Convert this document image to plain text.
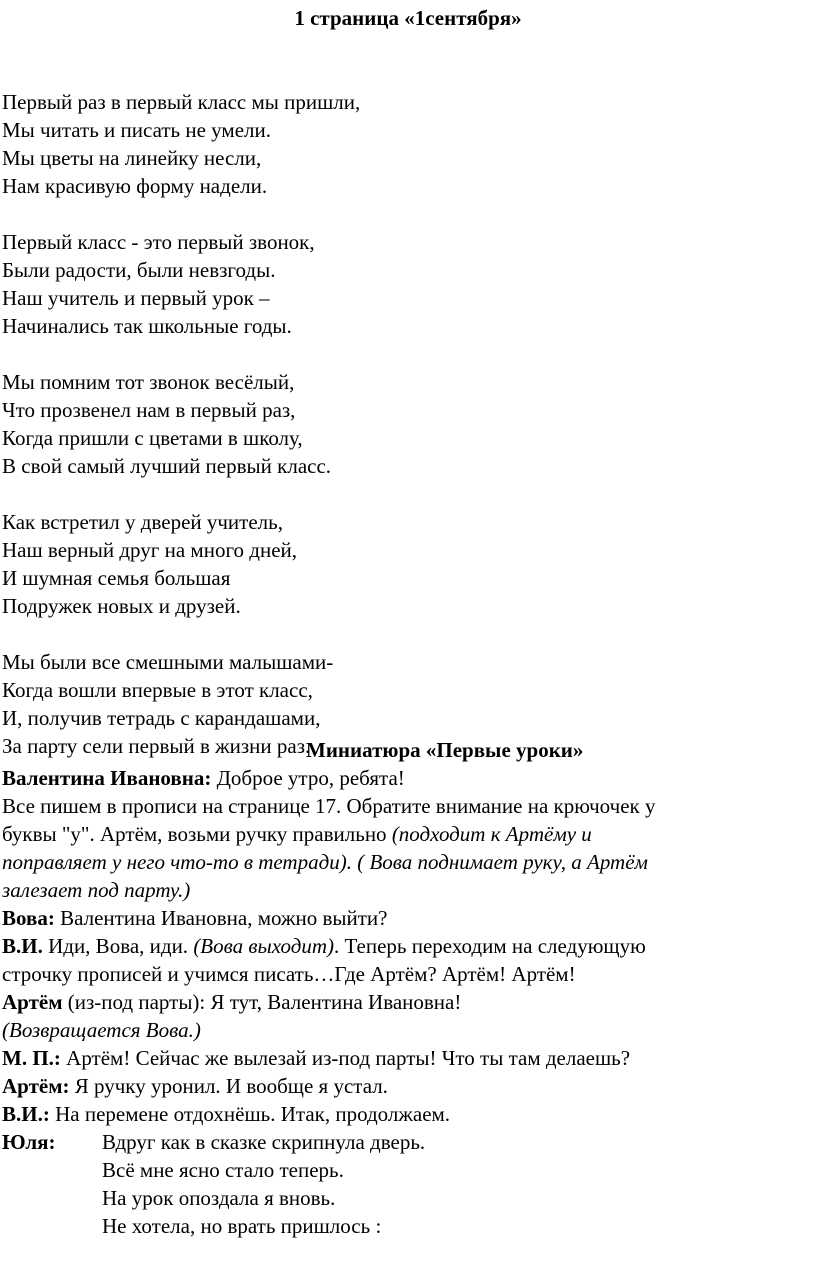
1 страница «1сентября»
Первый раз в первый класс мы пришли,
Мы читать и писать не умели.
Мы цветы на линейку несли,
Нам красивую форму надели.
Первый класс - это первый звонок,
Были радости, были невзгоды.
Наш учитель и первый урок –
Начинались так школьные годы.
Мы помним тот звонок весёлый,
Что прозвенел нам в первый раз,
Когда пришли с цветами в школу,
В свой самый лучший первый класс.
Как встретил у дверей учитель,
Наш верный друг на много дней,
И шумная семья большая
Подружек новых и друзей.
Мы были все смешными малышами-
Когда вошли впервые в этот класс,
И, получив тетрадь с карандашами,
За парту сели первый в жизни раз.
Миниатюра «Первые уроки»

Валентина Ивановна: Доброе утро, ребята!

Все пишем в прописи на странице 17. Обратите внимание на крючочек у
буквы "у". Артём, возьми ручку правильно (подходит к Артёму и
поправляет у него что-то в тетради). ( Вова поднимает руку, а Артём
залезает под парту.)

Вова: Валентина Ивановна, можно выйти?

В.И. Иди, Вова, иди. (Вова выходит). Теперь переходим на следующую
строчку прописей и учимся писать…Где Артём? Артём! Артём!

Артём (из-под парты): Я тут, Валентина Ивановна!

(Возвращается Вова.)

М. П.: Артём! Сейчас же вылезай из-под парты! Что ты там делаешь?

Артём: Я ручку уронил. И вообще я устал.

В.И.: На перемене отдохнёшь. Итак, продолжаем.

Юля:	Вдруг как в сказке скрипнула дверь.
Всё мне ясно стало теперь.
На урок опоздала я вновь.
Не хотела, но врать пришлось :
